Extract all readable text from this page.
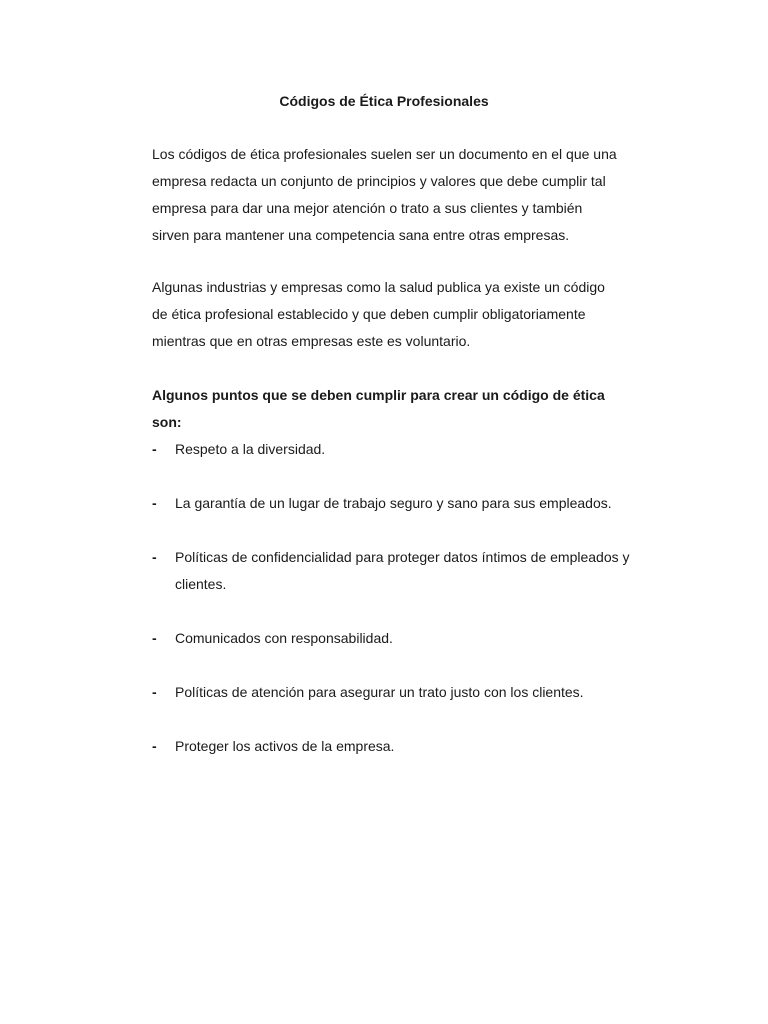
Códigos de Ética Profesionales
Los códigos de ética profesionales suelen ser un documento en el que una empresa redacta un conjunto de principios y valores que debe cumplir tal empresa para dar una mejor atención o trato a sus clientes y también sirven para mantener una competencia sana entre otras empresas.
Algunas industrias y empresas como la salud publica ya existe un código de ética profesional establecido y que deben cumplir obligatoriamente mientras que en otras empresas este es voluntario.
Algunos puntos que se deben cumplir para crear un código de ética son:
- Respeto a la diversidad.
- La garantía de un lugar de trabajo seguro y sano para sus empleados.
- Políticas de confidencialidad para proteger datos íntimos de empleados y clientes.
- Comunicados con responsabilidad.
- Políticas de atención para asegurar un trato justo con los clientes.
- Proteger los activos de la empresa.
